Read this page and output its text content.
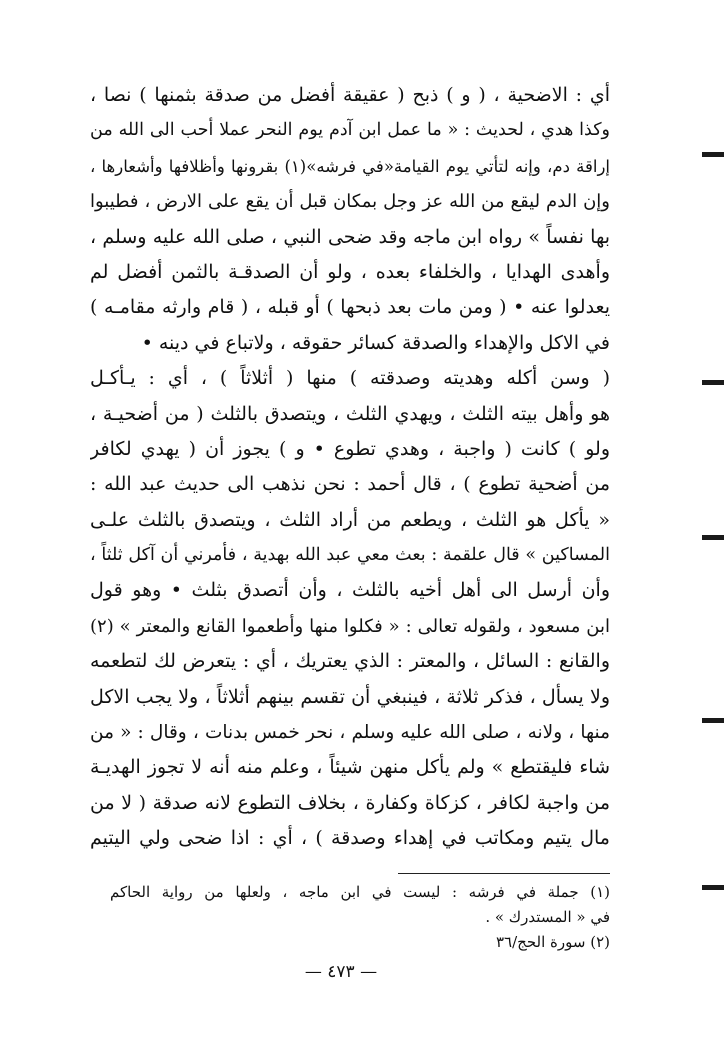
أي : الاضحية ، ( و ) ذبح ( عقيقة أفضل من صدقة بثمنها ) نصا ،
وكذا هدي ، لحديث : « ما عمل ابن آدم يوم النحر عملا أحب الى الله من
إراقة دم، وإنه لتأتي يوم القيامة«في فرشه»(١) بقرونها وأظلافها وأشعارها ،
وإن الدم ليقع من الله عز وجل بمكان قبل أن يقع على الارض ، فطيبوا
بها نفساً » رواه ابن ماجه وقد ضحى النبي ، صلى الله عليه وسلم ،
وأهدى الهدايا ، والخلفاء بعده ، ولو أن الصدقـة بالثمن أفضل لم
يعدلوا عنه • ( ومن مات بعد ذبحها ) أو قبله ، ( قام وارثه مقامـه )
في الاكل والإهداء والصدقة كسائر حقوقه ، ولاتباع في دينه •
( وسن أكله وهديته وصدقته ) منها ( أثلاثاً ) ، أي : يـأكـل
هو وأهل بيته الثلث ، ويهدي الثلث ، ويتصدق بالثلث ( من أضحيـة ،
ولو ) كانت ( واجبة ، وهدي تطوع • و ) يجوز أن ( يهدي لكافر
من أضحية تطوع ) ، قال أحمد : نحن نذهب الى حديث عبد الله :
« يأكل هو الثلث ، ويطعم من أراد الثلث ، ويتصدق بالثلث علـى
المساكين » قال علقمة : بعث معي عبد الله بهدية ، فأمرني أن آكل ثلثاً ،
وأن أرسل الى أهل أخيه بالثلث ، وأن أتصدق بثلث • وهو قول
ابن مسعود ، ولقوله تعالى : « فكلوا منها وأطعموا القانع والمعتر » (٢)
والقانع : السائل ، والمعتر : الذي يعتريك ، أي : يتعرض لك لتطعمه
ولا يسأل ، فذكر ثلاثة ، فينبغي أن تقسم بينهم أثلاثاً ، ولا يجب الاكل
منها ، ولانه ، صلى الله عليه وسلم ، نحر خمس بدنات ، وقال : « من
شاء فليقتطع » ولم يأكل منهن شيئاً ، وعلم منه أنه لا تجوز الهديـة
من واجبة لكافر ، كزكاة وكفارة ، بخلاف التطوع لانه صدقة ( لا من
مال يتيم ومكاتب في إهداء وصدقة ) ، أي : اذا ضحى ولي اليتيم
(١) جملة في فرشه : ليست في ابن ماجه ، ولعلها من رواية الحاكم
في « المستدرك » .
(٢) سورة الحج/٣٦
— ٤٧٣ —
